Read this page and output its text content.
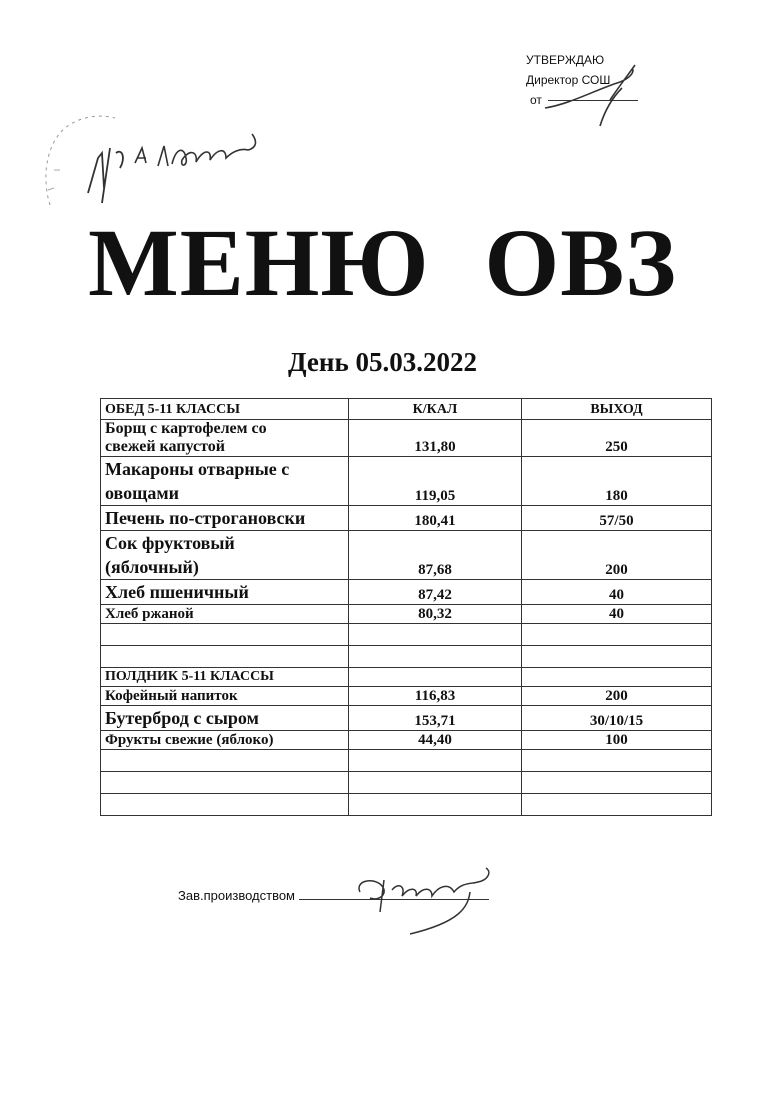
УТВЕРЖДАЮ
Директор СОШ
от
МЕНЮ ОВЗ
День 05.03.2022
ОБЕД 5-11 КЛАССЫ	К/КАЛ	ВЫХОД
Борщ с картофелем со
свежей капустой	131,80	250
Макароны отварные с
овощами	119,05	180
Печень по-строгановски	180,41	57/50
Сок фруктовый
(яблочный)	87,68	200
Хлеб пшеничный	87,42	40
Хлеб ржаной	80,32	40

ПОЛДНИК 5-11 КЛАССЫ		
Кофейный напиток	116,83	200
Бутерброд с сыром	153,71	30/10/15
Фрукты свежие (яблоко)	44,40	100

Зав.производством
